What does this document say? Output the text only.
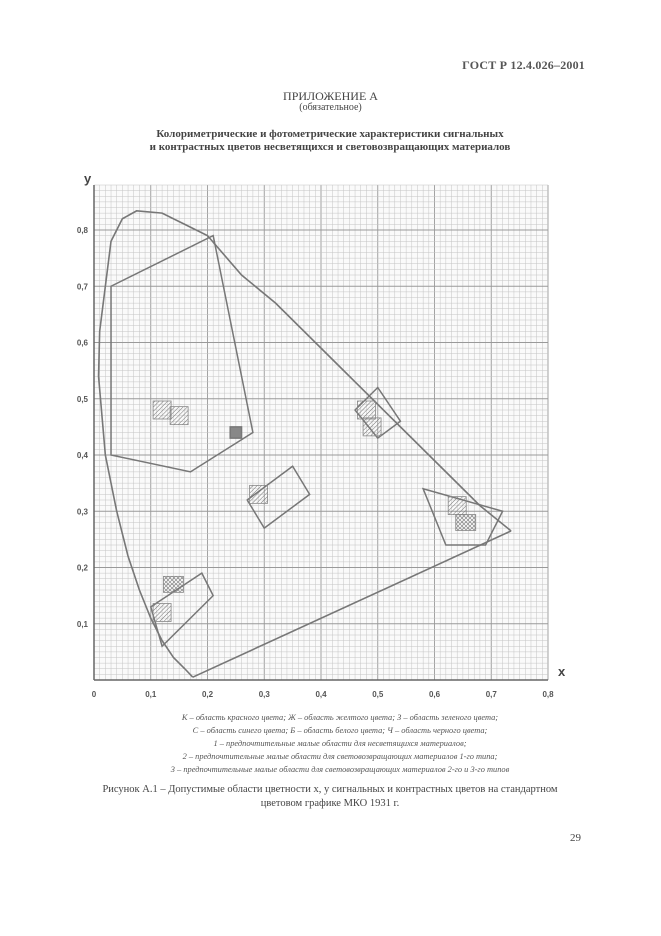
ГОСТ Р 12.4.026–2001
ПРИЛОЖЕНИЕ А
(обязательное)
Колориметрические и фотометрические характеристики сигнальных
и контрастных цветов несветящихся и световозвращающих материалов
0	0,1	0,2	0,3	0,4	0,5	0,6	0,7	0,8
0,1
0,2
0,3
0,4
0,5
0,6
0,7
0,8
x
y
К – область красного цвета; Ж – область желтого цвета; З – область зеленого цвета;
С – область синего цвета; Б – область белого цвета; Ч – область черного цвета;
1 – предпочтительные малые области для несветящихся материалов;
2 – предпочтительные малые области для световозвращающих материалов 1-го типа;
3 – предпочтительные малые области для световозвращающих материалов 2-го и 3-го типов
Рисунок А.1 – Допустимые области цветности x, y сигнальных и контрастных цветов на стандартном
цветовом графике МКО 1931 г.
29
